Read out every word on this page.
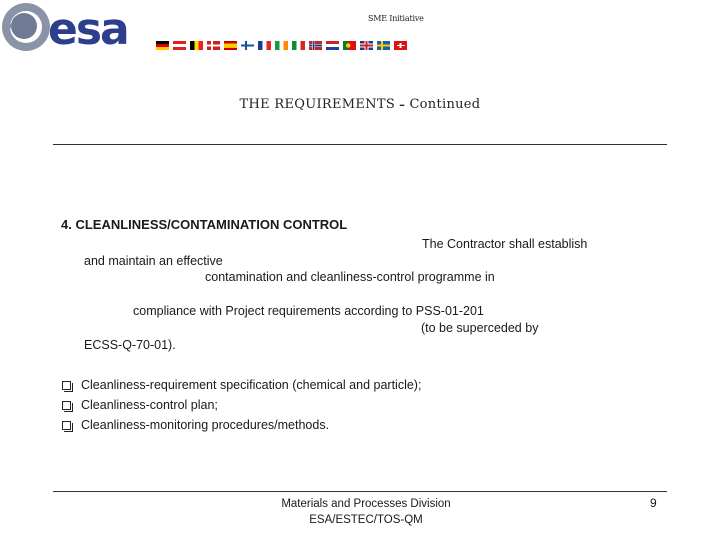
esa	SME Initiative
THE REQUIREMENTS - Continued
4. CLEANLINESS/CONTAMINATION CONTROL
The Contractor shall establish
and maintain an effective
contamination and cleanliness-control programme in
compliance with Project requirements according to PSS‐01‐201
(to be superceded by
ECSS‐Q‐70‐01).
Cleanliness‐requirement specification (chemical and particle);
Cleanliness‐control plan;
Cleanliness‐monitoring procedures/methods.
Materials and Processes Division
ESA/ESTEC/TOS-QM
9
